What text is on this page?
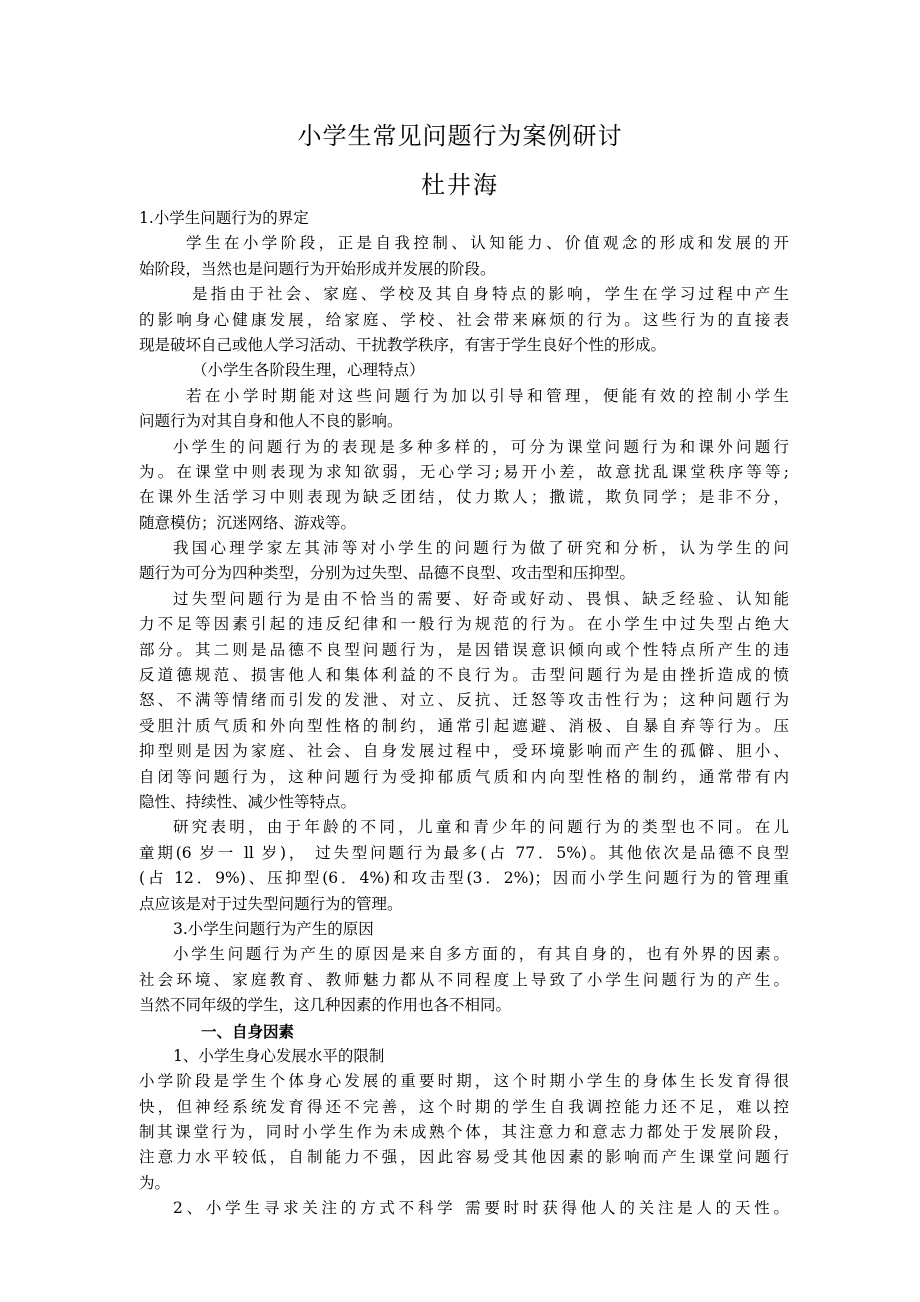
小学生常见问题行为案例研讨
杜井海
1.小学生问题行为的界定
学生在小学阶段，正是自我控制、认知能力、价值观念的形成和发展的开
始阶段，当然也是问题行为开始形成并发展的阶段。
是指由于社会、家庭、学校及其自身特点的影响，学生在学习过程中产生
的影响身心健康发展，给家庭、学校、社会带来麻烦的行为。这些行为的直接表
现是破坏自己或他人学习活动、干扰教学秩序，有害于学生良好个性的形成。
（小学生各阶段生理，心理特点）
若在小学时期能对这些问题行为加以引导和管理，便能有效的控制小学生
问题行为对其自身和他人不良的影响。
小学生的问题行为的表现是多种多样的，可分为课堂问题行为和课外问题行
为。在课堂中则表现为求知欲弱，无心学习;易开小差，故意扰乱课堂秩序等等;
在课外生活学习中则表现为缺乏团结，仗力欺人；撒谎，欺负同学；是非不分，
随意模仿；沉迷网络、游戏等。
我国心理学家左其沛等对小学生的问题行为做了研究和分析，认为学生的问
题行为可分为四种类型，分别为过失型、品德不良型、攻击型和压抑型。
过失型问题行为是由不恰当的需要、好奇或好动、畏惧、缺乏经验、认知能
力不足等因素引起的违反纪律和一般行为规范的行为。在小学生中过失型占绝大
部分。其二则是品德不良型问题行为，是因错误意识倾向或个性特点所产生的违
反道德规范、损害他人和集体利益的不良行为。击型问题行为是由挫折造成的愤
怒、不满等情绪而引发的发泄、对立、反抗、迁怒等攻击性行为；这种问题行为
受胆汁质气质和外向型性格的制约，通常引起遮避、消极、自暴自弃等行为。压
抑型则是因为家庭、社会、自身发展过程中，受环境影响而产生的孤僻、胆小、
自闭等问题行为，这种问题行为受抑郁质气质和内向型性格的制约，通常带有内
隐性、持续性、减少性等特点。
研究表明，由于年龄的不同，儿童和青少年的问题行为的类型也不同。在儿
童期(6 岁一 ll 岁)， 过失型问题行为最多(占 77．5%)。其他依次是品德不良型
(占 12．9%)、压抑型(6．4%)和攻击型(3．2%)；因而小学生问题行为的管理重
点应该是对于过失型问题行为的管理。
3.小学生问题行为产生的原因
小学生问题行为产生的原因是来自多方面的，有其自身的，也有外界的因素。
社会环境、家庭教育、教师魅力都从不同程度上导致了小学生问题行为的产生。
当然不同年级的学生，这几种因素的作用也各不相同。
一、自身因素
1、小学生身心发展水平的限制
小学阶段是学生个体身心发展的重要时期，这个时期小学生的身体生长发育得很
快，但神经系统发育得还不完善，这个时期的学生自我调控能力还不足，难以控
制其课堂行为，同时小学生作为未成熟个体，其注意力和意志力都处于发展阶段，
注意力水平较低，自制能力不强，因此容易受其他因素的影响而产生课堂问题行
为。
2、小学生寻求关注的方式不科学 需要时时获得他人的关注是人的天性。
